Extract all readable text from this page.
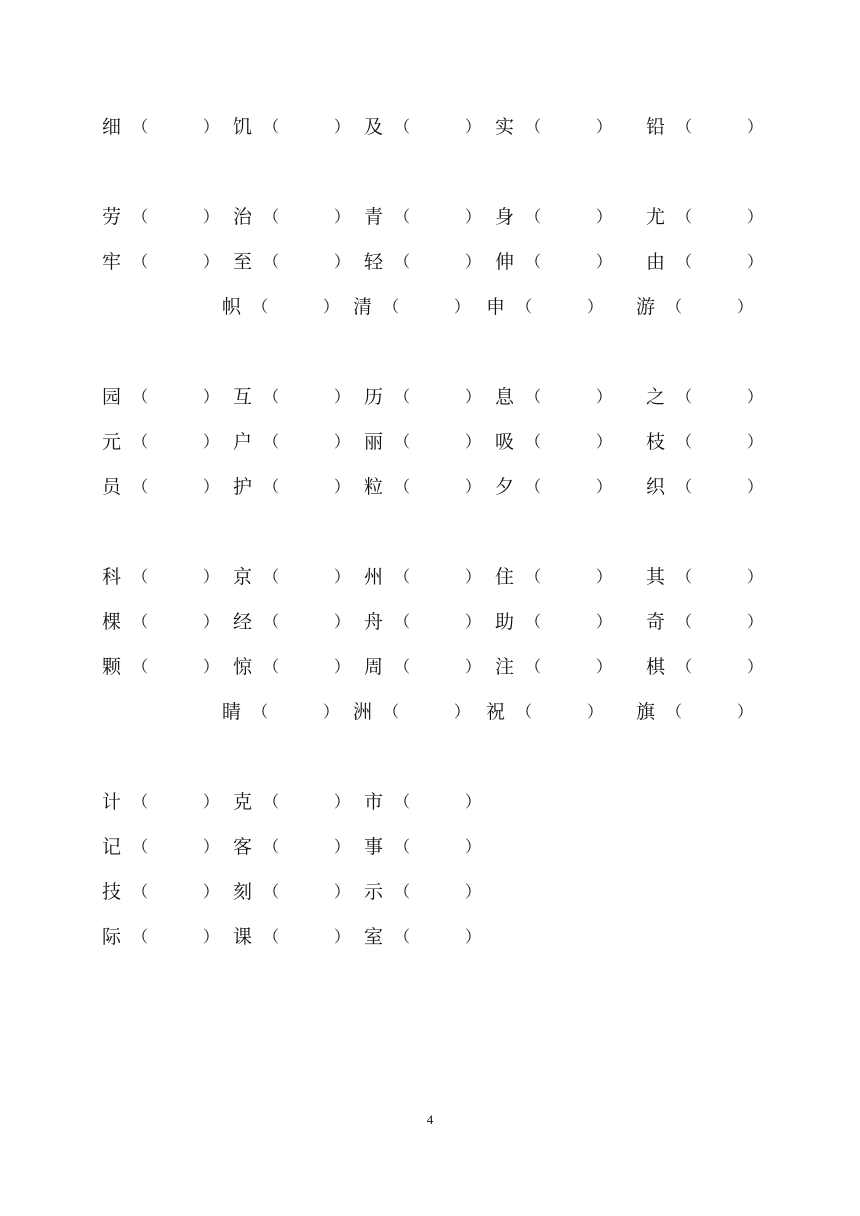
细 （	） 饥 （	） 及 （	） 实 （	） 铅 （	）
劳 （	） 治 （	） 青 （	） 身 （	） 尤 （	）
牢 （	） 至 （	） 轻 （	） 伸 （	） 由 （	）
帜 （	） 清 （	） 申 （	） 游 （	）
园 （	） 互 （	） 历 （	） 息 （	） 之 （	）
元 （	） 户 （	） 丽 （	） 吸 （	） 枝 （	）
员 （	） 护 （	） 粒 （	） 夕 （	） 织 （	）
科 （	） 京 （	） 州 （	） 住 （	） 其 （	）
棵 （	） 经 （	） 舟 （	） 助 （	） 奇 （	）
颗 （	） 惊 （	） 周 （	） 注 （	） 棋 （	）
睛 （	） 洲 （	） 祝 （	） 旗 （	）
计 （	） 克 （	） 市 （	）
记 （	） 客 （	） 事 （	）
技 （	） 刻 （	） 示 （	）
际 （	） 课 （	） 室 （	）
4
